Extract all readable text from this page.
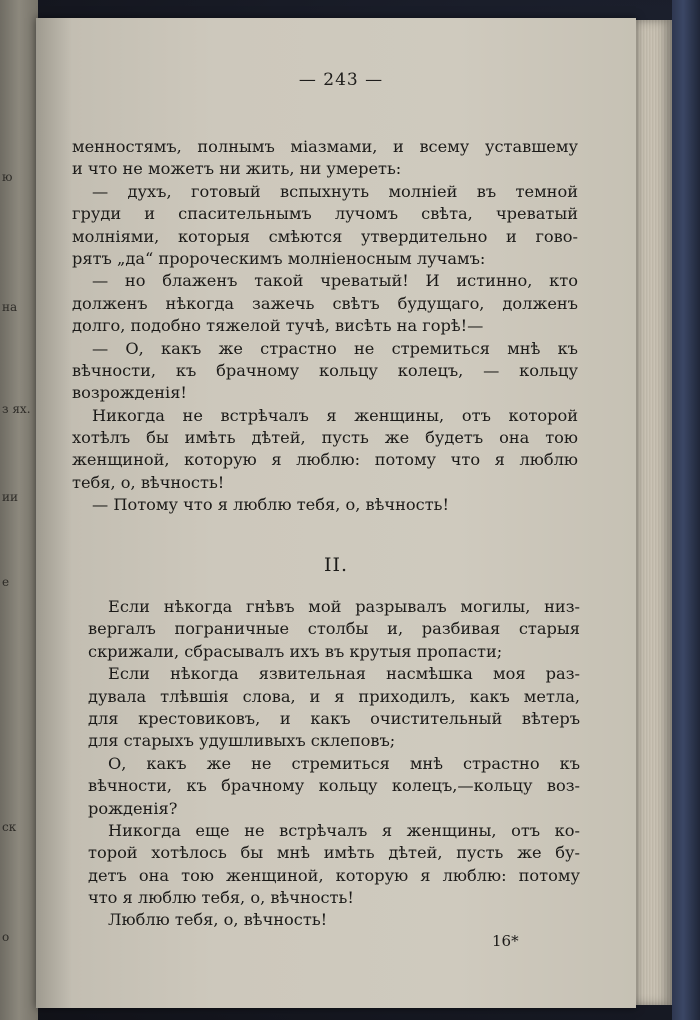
ю
на
з ях.
ии
е
ск
о
— 243 —
менностямъ, полнымъ міазмами, и всему уставшему
и что не можетъ ни жить, ни умереть:
— духъ, готовый вспыхнуть молніей въ темной
груди и спасительнымъ лучомъ свѣта, чреватый
молніями, которыя смѣются утвердительно и гово-
рятъ „да“ пророческимъ молніеносным лучамъ:
— но блаженъ такой чреватый! И истинно, кто
долженъ нѣкогда зажечь свѣтъ будущаго, долженъ
долго, подобно тяжелой тучѣ, висѣть на горѣ!—
— О, какъ же страстно не стремиться мнѣ къ
вѣчности, къ брачному кольцу колецъ, — кольцу
возрожденія!
Никогда не встрѣчалъ я женщины, отъ которой
хотѣлъ бы имѣть дѣтей, пусть же будетъ она тою
женщиной, которую я люблю: потому что я люблю
тебя, о, вѣчность!
— Потому что я люблю тебя, о, вѣчность!
II.
Если нѣкогда гнѣвъ мой разрывалъ могилы, низ-
вергалъ пограничные столбы и, разбивая старыя
скрижали, сбрасывалъ ихъ въ крутыя пропасти;
Если нѣкогда язвительная насмѣшка моя раз-
дувала тлѣвшія слова, и я приходилъ, какъ метла,
для крестовиковъ, и какъ очистительный вѣтеръ
для старыхъ удушливыхъ склеповъ;
О, какъ же не стремиться мнѣ страстно къ
вѣчности, къ брачному кольцу колецъ,—кольцу воз-
рожденія?
Никогда еще не встрѣчалъ я женщины, отъ ко-
торой хотѣлось бы мнѣ имѣть дѣтей, пусть же бу-
детъ она тою женщиной, которую я люблю: потому
что я люблю тебя, о, вѣчность!
Люблю тебя, о, вѣчность!
16*
